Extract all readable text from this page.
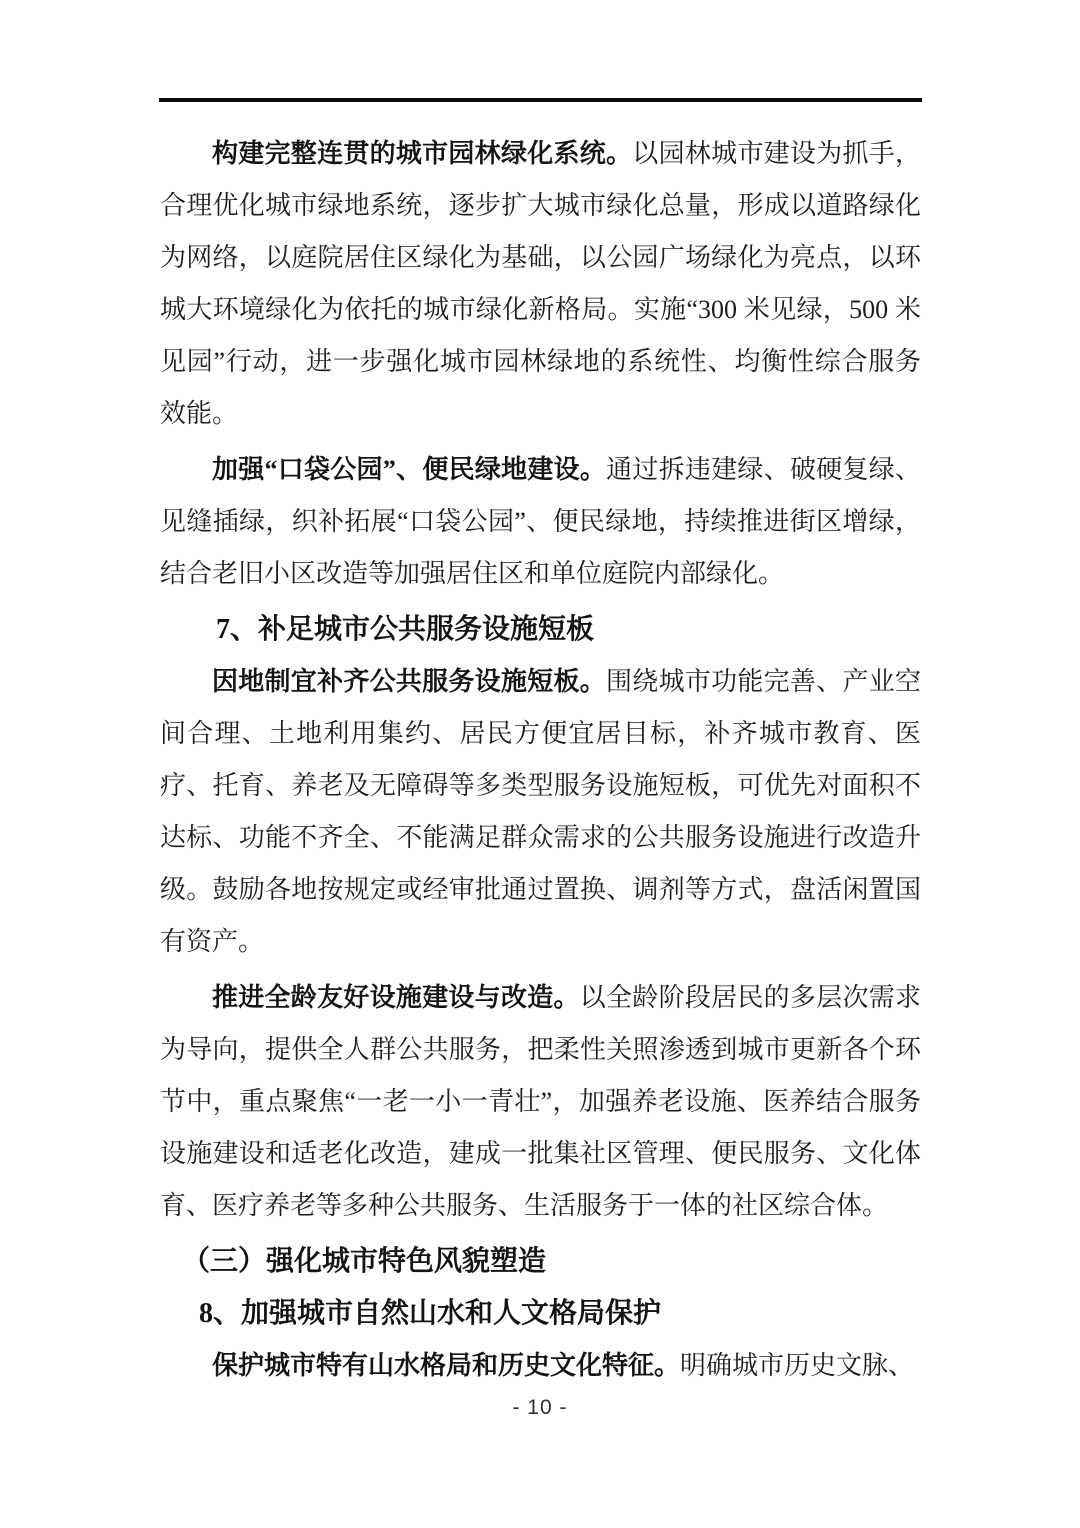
构建完整连贯的城市园林绿化系统。以园林城市建设为抓手，合理优化城市绿地系统，逐步扩大城市绿化总量，形成以道路绿化为网络，以庭院居住区绿化为基础，以公园广场绿化为亮点，以环城大环境绿化为依托的城市绿化新格局。实施“300 米见绿，500 米见园”行动，进一步强化城市园林绿地的系统性、均衡性综合服务效能。

加强“口袋公园”、便民绿地建设。通过拆违建绿、破硬复绿、见缝插绿，织补拓展“口袋公园”、便民绿地，持续推进街区增绿，结合老旧小区改造等加强居住区和单位庭院内部绿化。

7、补足城市公共服务设施短板

因地制宜补齐公共服务设施短板。围绕城市功能完善、产业空间合理、土地利用集约、居民方便宜居目标，补齐城市教育、医疗、托育、养老及无障碍等多类型服务设施短板，可优先对面积不达标、功能不齐全、不能满足群众需求的公共服务设施进行改造升级。鼓励各地按规定或经审批通过置换、调剂等方式，盘活闲置国有资产。

推进全龄友好设施建设与改造。以全龄阶段居民的多层次需求为导向，提供全人群公共服务，把柔性关照渗透到城市更新各个环节中，重点聚焦“一老一小一青壮”，加强养老设施、医养结合服务设施建设和适老化改造，建成一批集社区管理、便民服务、文化体育、医疗养老等多种公共服务、生活服务于一体的社区综合体。

（三）强化城市特色风貌塑造
8、加强城市自然山水和人文格局保护

保护城市特有山水格局和历史文化特征。明确城市历史文脉、

- 10 -
